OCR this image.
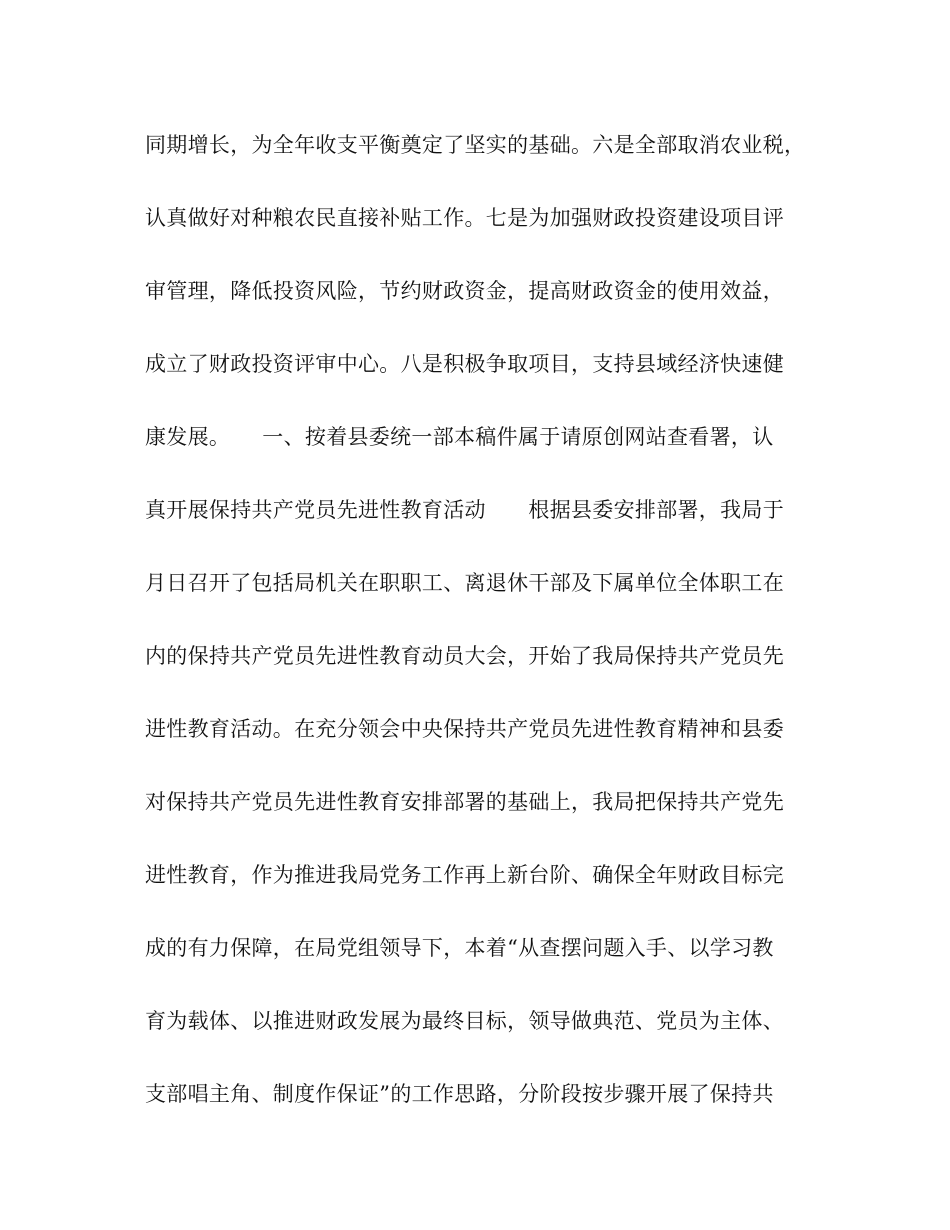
同期增长，为全年收支平衡奠定了坚实的基础。六是全部取消农业税，
认真做好对种粮农民直接补贴工作。七是为加强财政投资建设项目评
审管理，降低投资风险，节约财政资金，提高财政资金的使用效益，
成立了财政投资评审中心。八是积极争取项目，支持县域经济快速健
康发展。　　一、按着县委统一部本稿件属于请原创网站查看署，认
真开展保持共产党员先进性教育活动　　根据县委安排部署，我局于
月日召开了包括局机关在职职工、离退休干部及下属单位全体职工在
内的保持共产党员先进性教育动员大会，开始了我局保持共产党员先
进性教育活动。在充分领会中央保持共产党员先进性教育精神和县委
对保持共产党员先进性教育安排部署的基础上，我局把保持共产党先
进性教育，作为推进我局党务工作再上新台阶、确保全年财政目标完
成的有力保障，在局党组领导下，本着“从查摆问题入手、以学习教
育为载体、以推进财政发展为最终目标，领导做典范、党员为主体、
支部唱主角、制度作保证”的工作思路，分阶段按步骤开展了保持共
